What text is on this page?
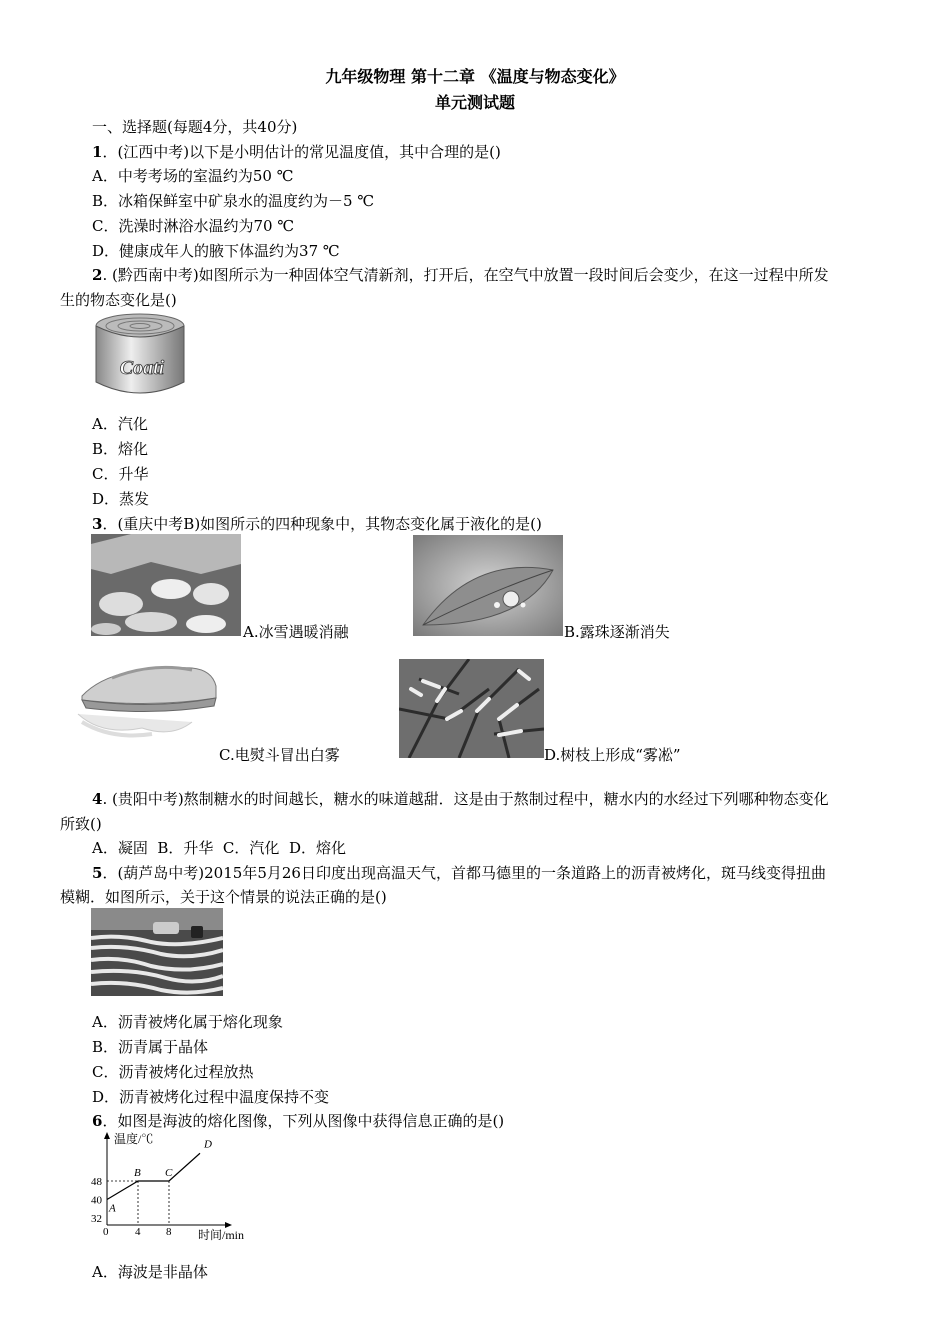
九年级物理 第十二章 《温度与物态变化》
单元测试题
一、选择题(每题4分，共40分)
1．(江西中考)以下是小明估计的常见温度值，其中合理的是()
A．中考考场的室温约为50 ℃
B．冰箱保鲜室中矿泉水的温度约为－5 ℃
C．洗澡时淋浴水温约为70 ℃
D．健康成年人的腋下体温约为37 ℃
2. (黔西南中考)如图所示为一种固体空气清新剂，打开后，在空气中放置一段时间后会变少，在这一过程中所发
生的物态变化是()
Coati
A．汽化
B．熔化
C．升华
D．蒸发
3．(重庆中考B)如图所示的四种现象中，其物态变化属于液化的是()
A.冰雪遇暖消融	B.露珠逐渐消失
C.电熨斗冒出白雾	D.树枝上形成“雾凇”
4. (贵阳中考)熬制糖水的时间越长，糖水的味道越甜．这是由于熬制过程中，糖水内的水经过下列哪种物态变化
所致()
A．凝固  B．升华  C．汽化  D．熔化
5．(葫芦岛中考)2015年5月26日印度出现高温天气，首都马德里的一条道路上的沥青被烤化，斑马线变得扭曲
模糊．如图所示，关于这个情景的说法正确的是()
A．沥青被烤化属于熔化现象
B．沥青属于晶体
C．沥青被烤化过程放热
D．沥青被烤化过程中温度保持不变
6．如图是海波的熔化图像，下列从图像中获得信息正确的是()
温度/℃
时间/min
32
40
48
0 4 8
A
B C
D
A．海波是非晶体
